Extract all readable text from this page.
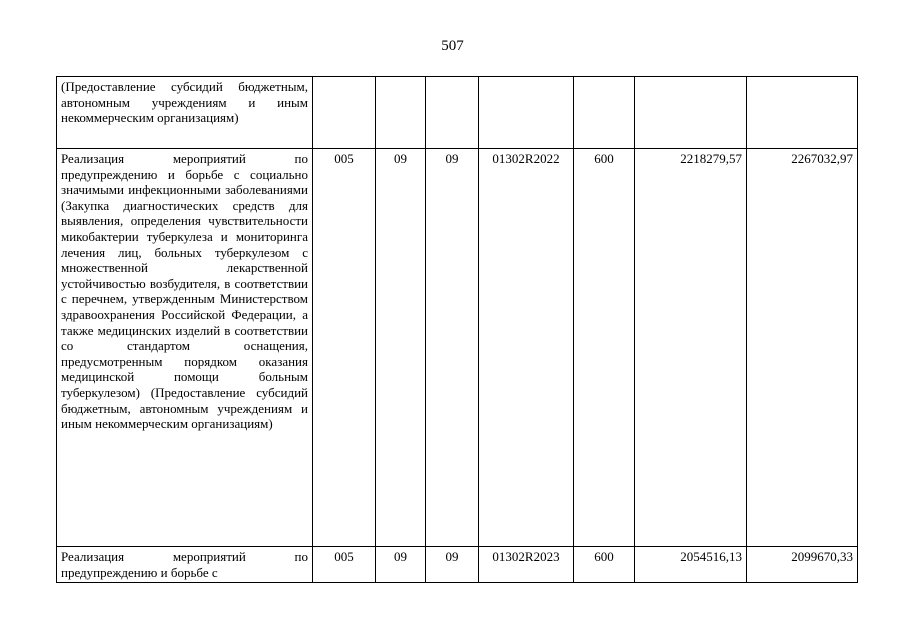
507
(Предоставление субсидий бюджетным, автономным учреждениям и иным некоммерческим организациям)							
Реализация мероприятий по предупреждению и борьбе с социально значимыми инфекционными заболеваниями (Закупка диагностических средств для выявления, определения чувствительности микобактерии туберкулеза и мониторинга лечения лиц, больных туберкулезом с множественной лекарственной устойчивостью возбудителя, в соответствии с перечнем, утвержденным Министерством здравоохранения Российской Федерации, а также медицинских изделий в соответствии со стандартом оснащения, предусмотренным порядком оказания медицинской помощи больным туберкулезом) (Предоставление субсидий бюджетным, автономным учреждениям и иным некоммерческим организациям)	005	09	09	01302R2022	600	2218279,57	2267032,97
Реализация мероприятий по предупреждению и борьбе с	005	09	09	01302R2023	600	2054516,13	2099670,33
